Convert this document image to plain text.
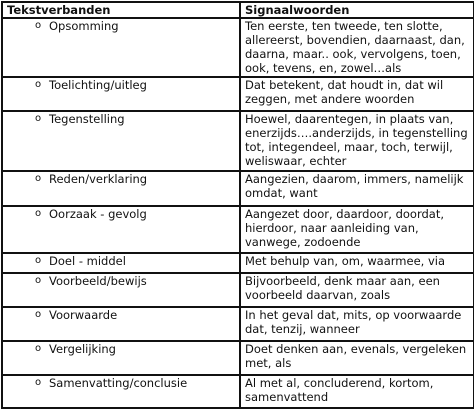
Tekstverbanden	Signaalwoorden
o Opsomming	Ten eerste, ten tweede, ten slotte, allereerst, bovendien, daarnaast, dan, daarna, maar.. ook, vervolgens, toen, ook, tevens, en, zowel…als
o Toelichting/uitleg	Dat betekent, dat houdt in, dat wil zeggen, met andere woorden
o Tegenstelling	Hoewel, daarentegen, in plaats van, enerzijds….anderzijds, in tegenstelling tot, integendeel, maar, toch, terwijl, weliswaar, echter
o Reden/verklaring	Aangezien, daarom, immers, namelijk omdat, want
o Oorzaak - gevolg	Aangezet door, daardoor, doordat, hierdoor, naar aanleiding van, vanwege, zodoende
o Doel - middel	Met behulp van, om, waarmee, via
o Voorbeeld/bewijs	Bijvoorbeeld, denk maar aan, een voorbeeld daarvan, zoals
o Voorwaarde	In het geval dat, mits, op voorwaarde dat, tenzij, wanneer
o Vergelijking	Doet denken aan, evenals, vergeleken met, als
o Samenvatting/conclusie	Al met al, concluderend, kortom, samenvattend
